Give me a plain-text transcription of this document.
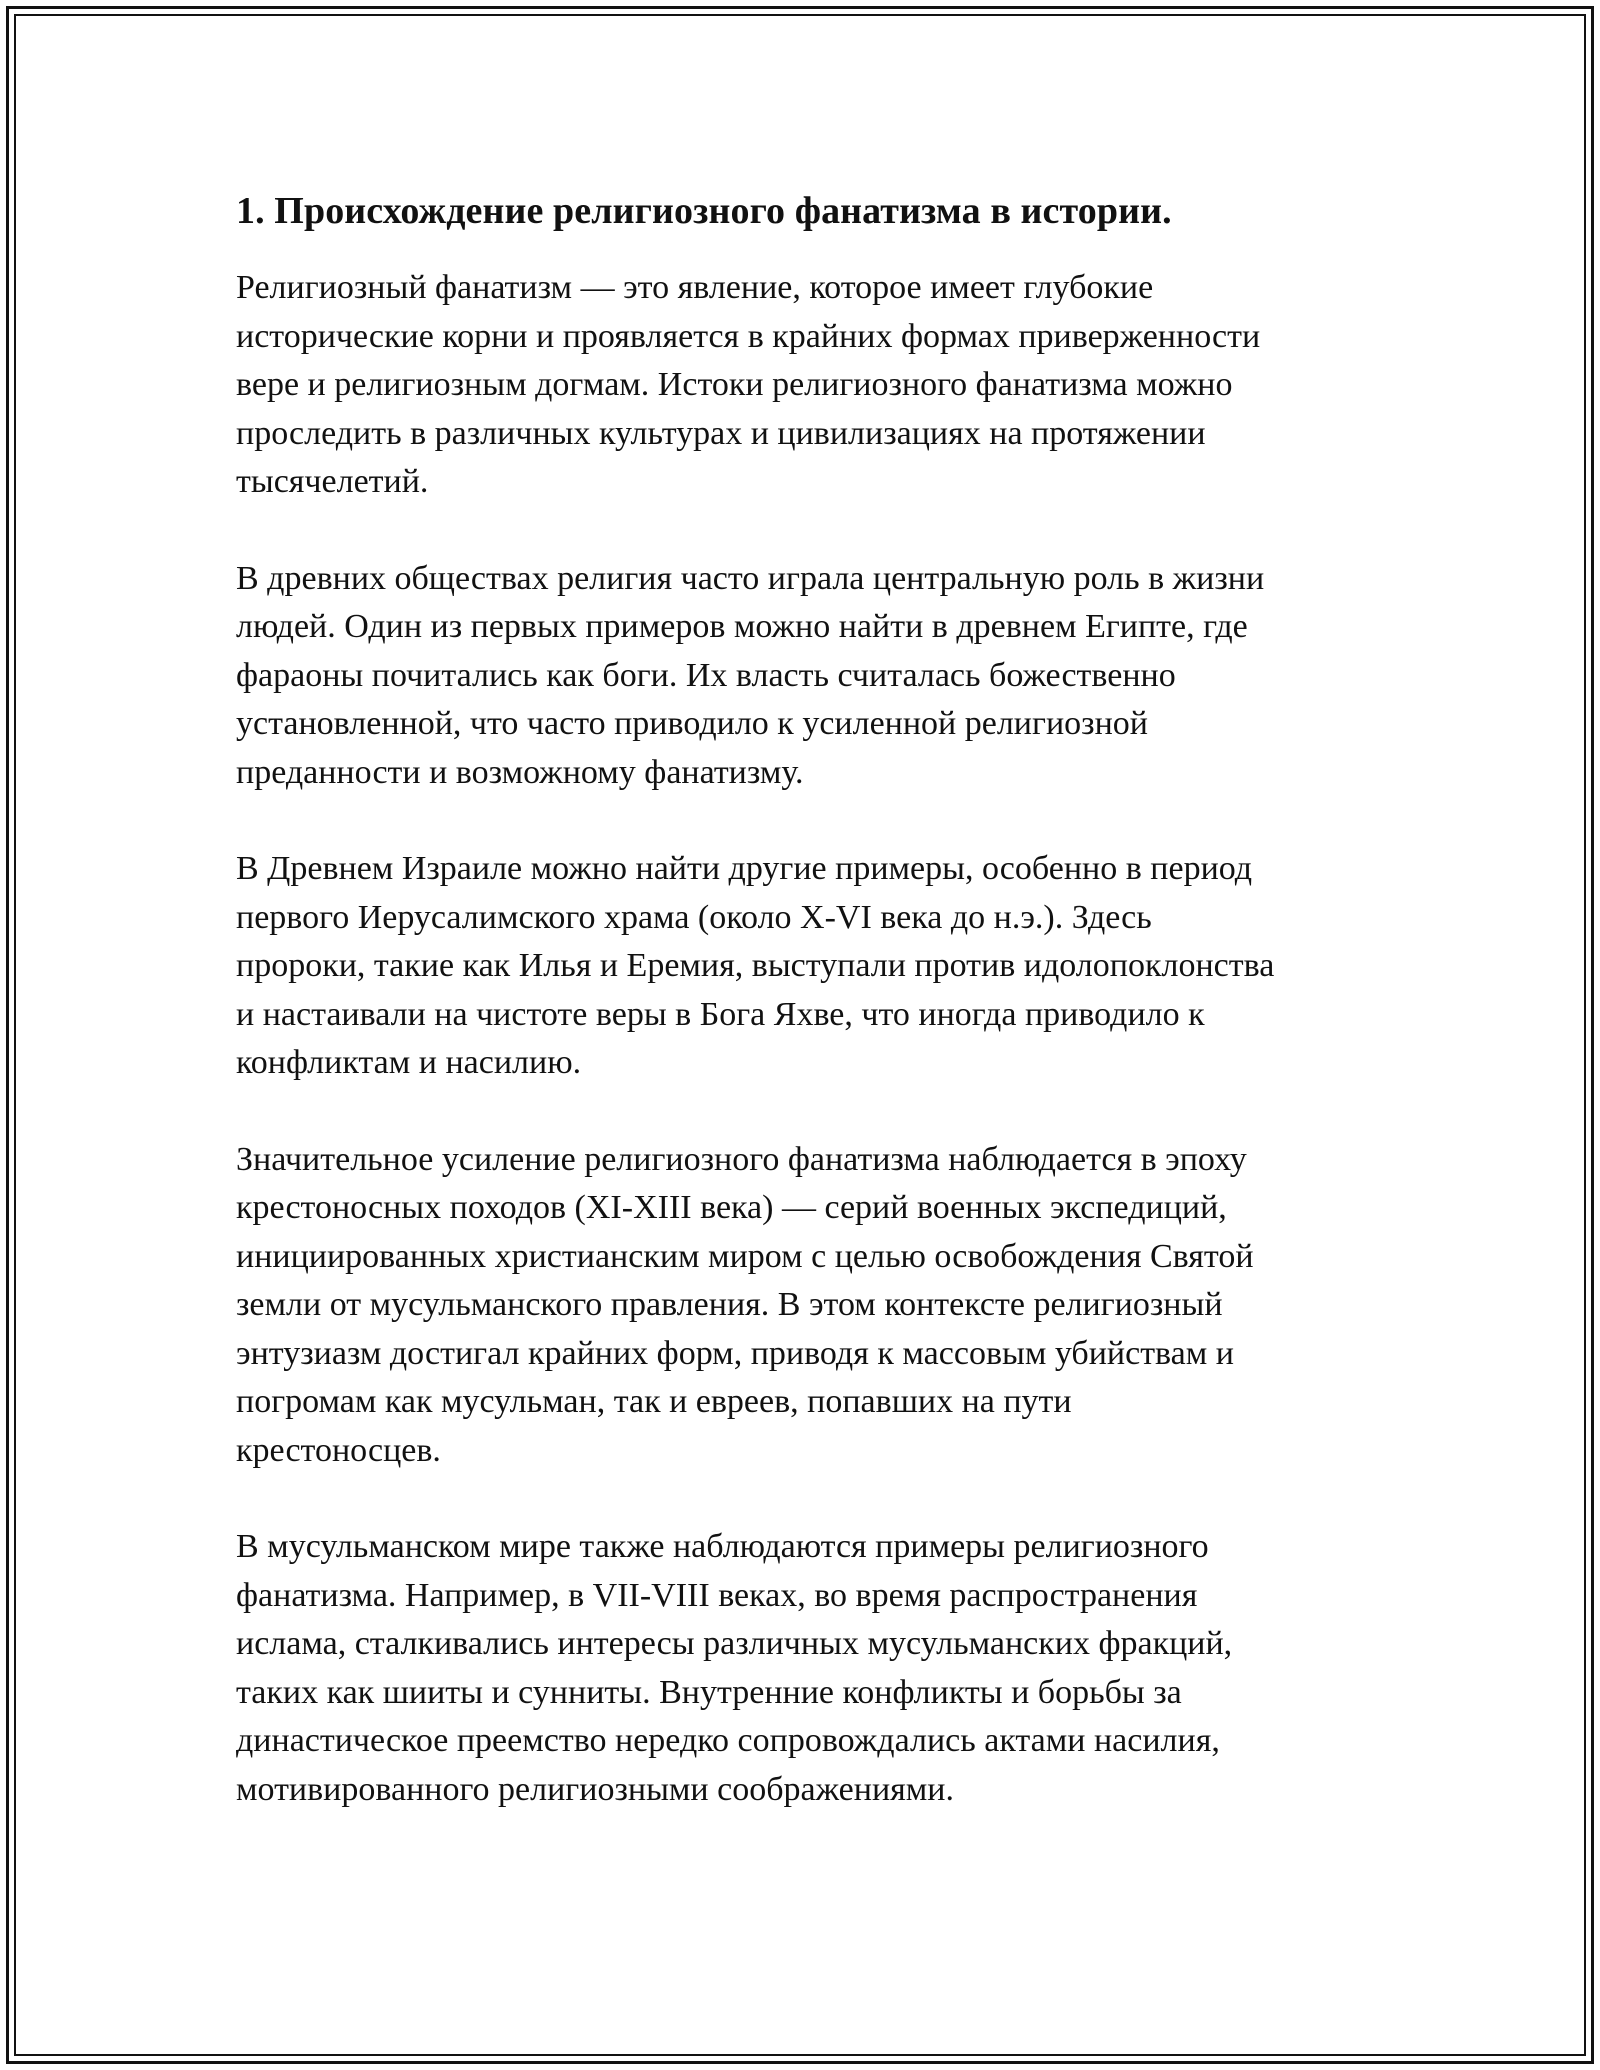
1. Происхождение религиозного фанатизма в истории.

Религиозный фанатизм — это явление, которое имеет глубокие
исторические корни и проявляется в крайних формах приверженности
вере и религиозным догмам. Истоки религиозного фанатизма можно
проследить в различных культурах и цивилизациях на протяжении
тысячелетий.

В древних обществах религия часто играла центральную роль в жизни
людей. Один из первых примеров можно найти в древнем Египте, где
фараоны почитались как боги. Их власть считалась божественно
установленной, что часто приводило к усиленной религиозной
преданности и возможному фанатизму.

В Древнем Израиле можно найти другие примеры, особенно в период
первого Иерусалимского храма (около X-VI века до н.э.). Здесь
пророки, такие как Илья и Еремия, выступали против идолопоклонства
и настаивали на чистоте веры в Бога Яхве, что иногда приводило к
конфликтам и насилию.

Значительное усиление религиозного фанатизма наблюдается в эпоху
крестоносных походов (XI-XIII века) — серий военных экспедиций,
инициированных христианским миром с целью освобождения Святой
земли от мусульманского правления. В этом контексте религиозный
энтузиазм достигал крайних форм, приводя к массовым убийствам и
погромам как мусульман, так и евреев, попавших на пути
крестоносцев.

В мусульманском мире также наблюдаются примеры религиозного
фанатизма. Например, в VII-VIII веках, во время распространения
ислама, сталкивались интересы различных мусульманских фракций,
таких как шииты и сунниты. Внутренние конфликты и борьбы за
династическое преемство нередко сопровождались актами насилия,
мотивированного религиозными соображениями.
